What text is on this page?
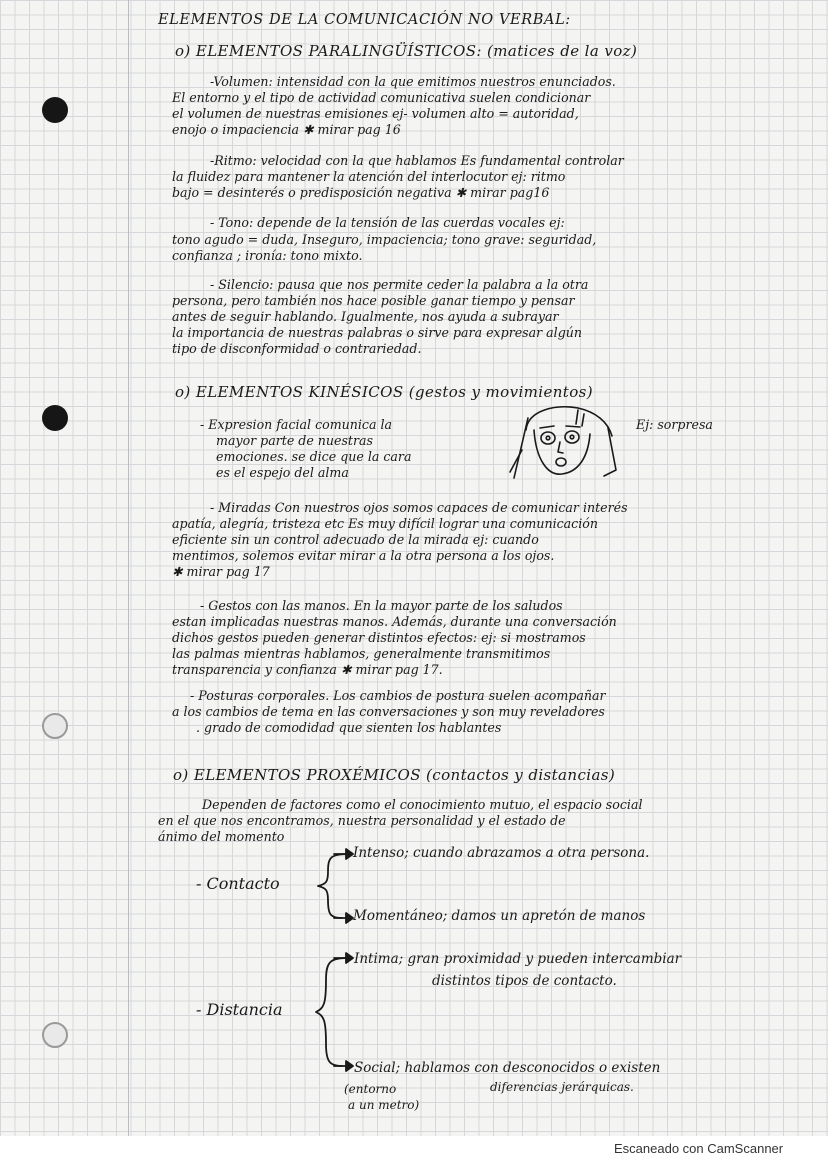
ELEMENTOS DE LA COMUNICACIÓN NO VERBAL:

o) ELEMENTOS PARALINGÜÍSTICOS: (matices de la voz)

-Volumen: intensidad con la que emitimos nuestros enunciados.

El entorno y el tipo de actividad comunicativa suelen condicionar

el volumen de nuestras emisiones ej- volumen alto = autoridad,

enojo o impaciencia ✱ mirar pag 16

-Ritmo: velocidad con la que hablamos Es fundamental controlar

la fluidez para mantener la atención del interlocutor ej: ritmo

bajo = desinterés o predisposición negativa ✱ mirar pag16

- Tono: depende de la tensión de las cuerdas vocales ej:

tono agudo = duda, Inseguro, impaciencia; tono grave: seguridad,

confianza ; ironía: tono mixto.

- Silencio: pausa que nos permite ceder la palabra a la otra

persona, pero también nos hace posible ganar tiempo y pensar

antes de seguir hablando. Igualmente, nos ayuda a subrayar

la importancia de nuestras palabras o sirve para expresar algún

tipo de disconformidad o contrariedad.

o) ELEMENTOS KINÉSICOS (gestos y movimientos)

- Expresion facial comunica la

mayor parte de nuestras

emociones. se dice que la cara

es el espejo del alma

Ej: sorpresa

- Miradas Con nuestros ojos somos capaces de comunicar interés

apatía, alegría, tristeza etc Es muy difícil lograr una comunicación

eficiente sin un control adecuado de la mirada ej: cuando

mentimos, solemos evitar mirar a la otra persona a los ojos.

✱ mirar pag 17

- Gestos con las manos. En la mayor parte de los saludos

estan implicadas nuestras manos. Además, durante una conversación

dichos gestos pueden generar distintos efectos: ej: si mostramos

las palmas mientras hablamos, generalmente transmitimos

transparencia y confianza ✱ mirar pag 17.

- Posturas corporales. Los cambios de postura suelen acompañar

a los cambios de tema en las conversaciones y son muy reveladores

. grado de comodidad que sienten los hablantes

o) ELEMENTOS PROXÉMICOS (contactos y distancias)

Dependen de factores como el conocimiento mutuo, el espacio social

en el que nos encontramos, nuestra personalidad y el estado de

ánimo del momento

- Contacto

Intenso; cuando abrazamos a otra persona.

Momentáneo; damos un apretón de manos

- Distancia

Intima; gran proximidad y pueden intercambiar

distintos tipos de contacto.

Social; hablamos con desconocidos o existen

diferencias jerárquicas.

(entorno

a un metro)

Escaneado con CamScanner
